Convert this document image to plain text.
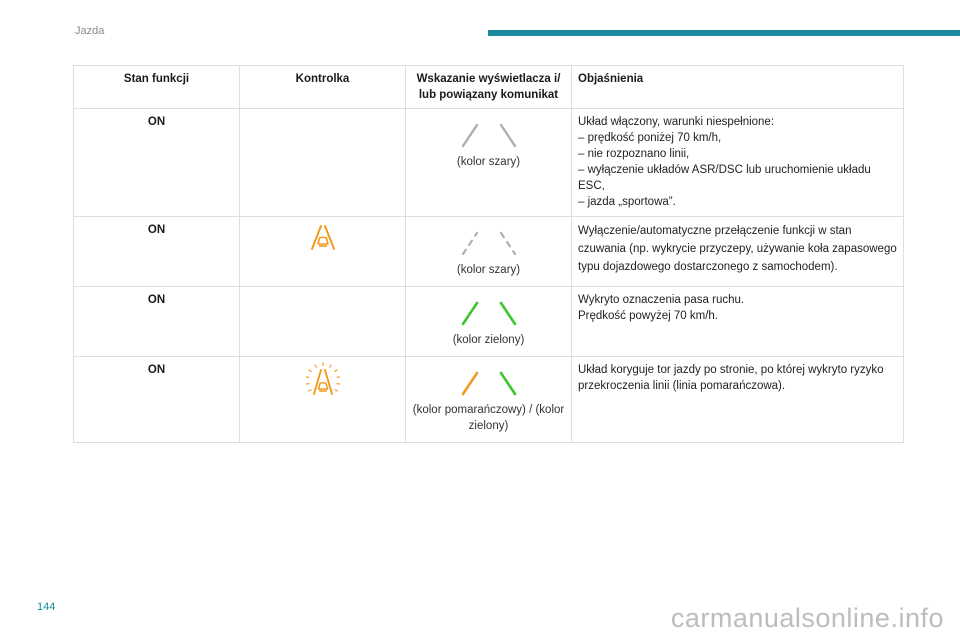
Jazda
Stan funkcji	Kontrolka	Wskazanie wyświetlacza i/ lub powiązany komunikat	Objaśnienia
ON		(kolor szary)	Układ włączony, warunki niespełnione:
– prędkość poniżej 70 km/h,
– nie rozpoznano linii,
– wyłączenie układów ASR/DSC lub uruchomienie układu ESC,
– jazda „sportowa”.

ON		(kolor szary)	Wyłączenie/automatyczne przełączenie funkcji w stan czuwania (np. wykrycie przyczepy, używanie koła zapasowego typu dojazdowego dostarczonego z samochodem).

ON		(kolor zielony)	Wykryto oznaczenia pasa ruchu.
Prędkość powyżej 70 km/h.

ON		(kolor pomarańczowy) / (kolor zielony)	Układ koryguje tor jazdy po stronie, po której wykryto ryzyko przekroczenia linii (linia pomarańczowa).
144	carmanualsonline.info
